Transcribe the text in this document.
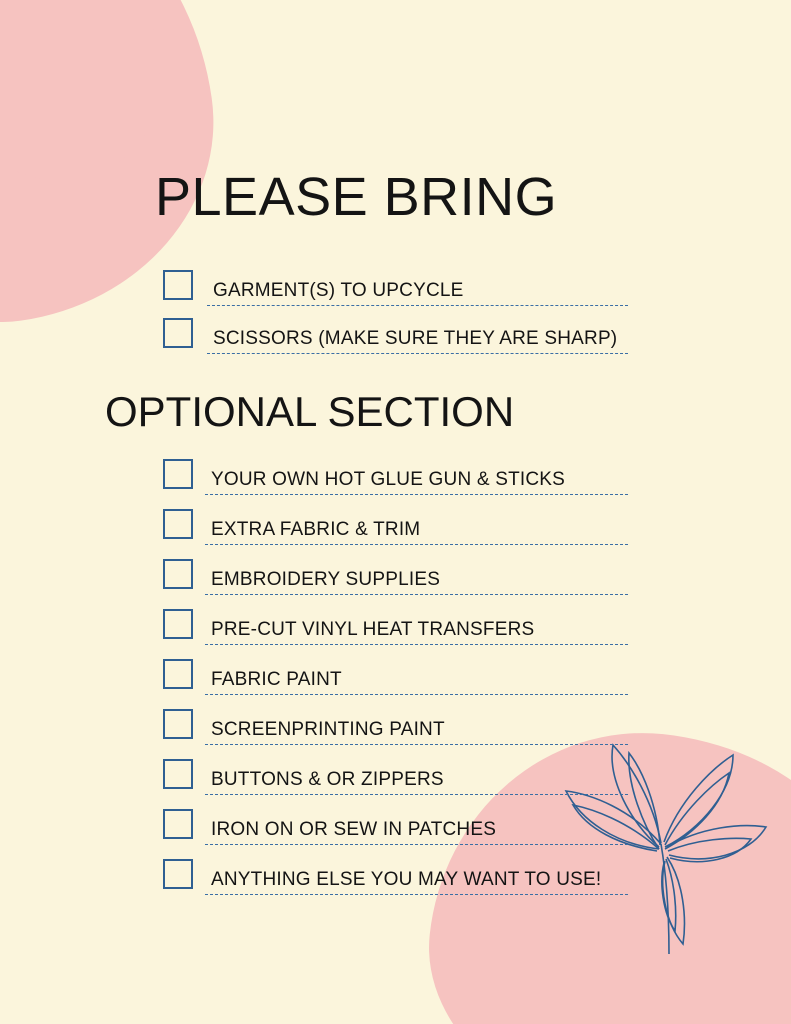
PLEASE BRING
GARMENT(S) TO UPCYCLE
SCISSORS (MAKE SURE THEY ARE SHARP)
OPTIONAL SECTION
YOUR OWN HOT GLUE GUN & STICKS
EXTRA FABRIC & TRIM
EMBROIDERY SUPPLIES
PRE-CUT VINYL HEAT TRANSFERS
FABRIC PAINT
SCREENPRINTING PAINT
BUTTONS & OR ZIPPERS
IRON ON OR SEW IN PATCHES
ANYTHING ELSE YOU MAY WANT TO USE!
